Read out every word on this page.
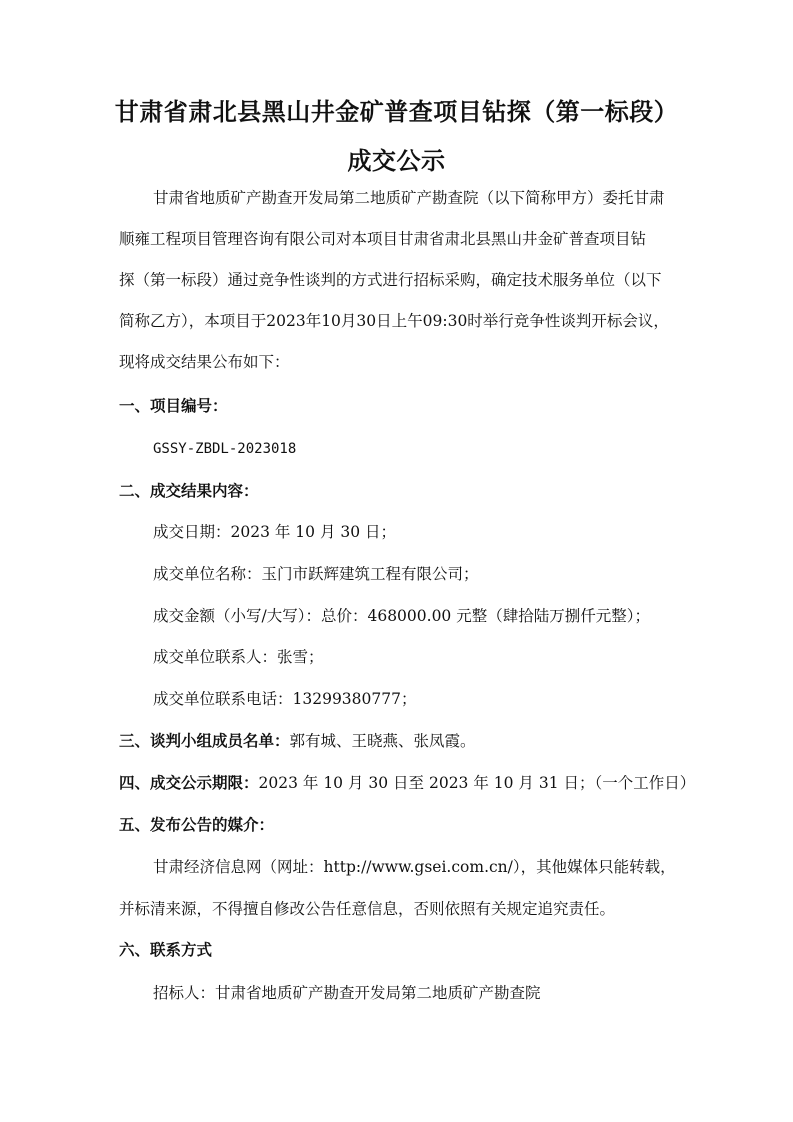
甘肃省肃北县黑山井金矿普查项目钻探（第一标段）
成交公示

甘肃省地质矿产勘查开发局第二地质矿产勘查院（以下简称甲方）委托甘肃

顺雍工程项目管理咨询有限公司对本项目甘肃省肃北县黑山井金矿普查项目钻

探（第一标段）通过竞争性谈判的方式进行招标采购，确定技术服务单位（以下

简称乙方），本项目于2023年10月30日上午09:30时举行竞争性谈判开标会议，

现将成交结果公布如下：

一、项目编号：

GSSY-ZBDL-2023018

二、成交结果内容：

成交日期：2023 年 10 月 30 日；

成交单位名称：玉门市跃辉建筑工程有限公司；

成交金额（小写/大写）：总价：468000.00 元整（肆拾陆万捌仟元整）；

成交单位联系人：张雪；

成交单位联系电话：13299380777；

三、谈判小组成员名单：郭有城、王晓燕、张凤霞。

四、成交公示期限：2023 年 10 月 30 日至 2023 年 10 月 31 日；（一个工作日）

五、发布公告的媒介：

甘肃经济信息网（网址：http://www.gsei.com.cn/），其他媒体只能转载，

并标清来源，不得擅自修改公告任意信息，否则依照有关规定追究责任。

六、联系方式

招标人：甘肃省地质矿产勘查开发局第二地质矿产勘查院
